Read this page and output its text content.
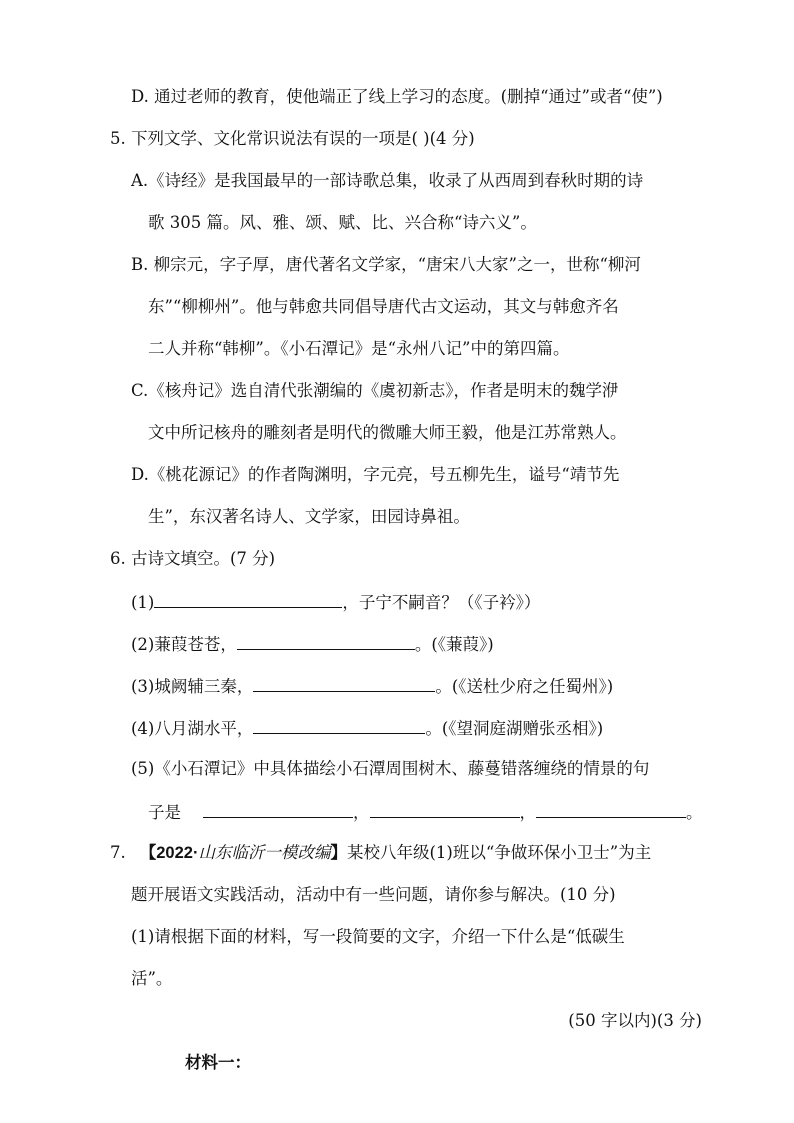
D. 通过老师的教育，使他端正了线上学习的态度。(删掉“通过”或者“使”)
5. 下列文学、文化常识说法有误的一项是( )(4 分)
A.《诗经》是我国最早的一部诗歌总集，收录了从西周到春秋时期的诗
歌 305 篇。风、雅、颂、赋、比、兴合称“诗六义”。
B. 柳宗元，字子厚，唐代著名文学家，“唐宋八大家”之一，世称“柳河
东”“柳柳州”。他与韩愈共同倡导唐代古文运动，其文与韩愈齐名
二人并称“韩柳”。《小石潭记》是“永州八记”中的第四篇。
C.《核舟记》选自清代张潮编的《虞初新志》，作者是明末的魏学洢
文中所记核舟的雕刻者是明代的微雕大师王毅，他是江苏常熟人。
D.《桃花源记》的作者陶渊明，字元亮，号五柳先生，谥号“靖节先
生”，东汉著名诗人、文学家，田园诗鼻祖。
6. 古诗文填空。(7 分)
(1)	，子宁不嗣音？（《子衿》）
(2)蒹葭苍苍，	。(《蒹葭》)
(3)城阙辅三秦，	。(《送杜少府之任蜀州》)
(4)八月湖水平，	。(《望洞庭湖赠张丞相》)
(5)《小石潭记》中具体描绘小石潭周围树木、藤蔓错落缠绕的情景的句
子是	，	，	。
7. 【2022·山东临沂一模改编】某校八年级(1)班以“争做环保小卫士”为主
题开展语文实践活动，活动中有一些问题，请你参与解决。(10 分)
(1)请根据下面的材料，写一段简要的文字，介绍一下什么是“低碳生
活”。
(50 字以内)(3 分)
材料一：
